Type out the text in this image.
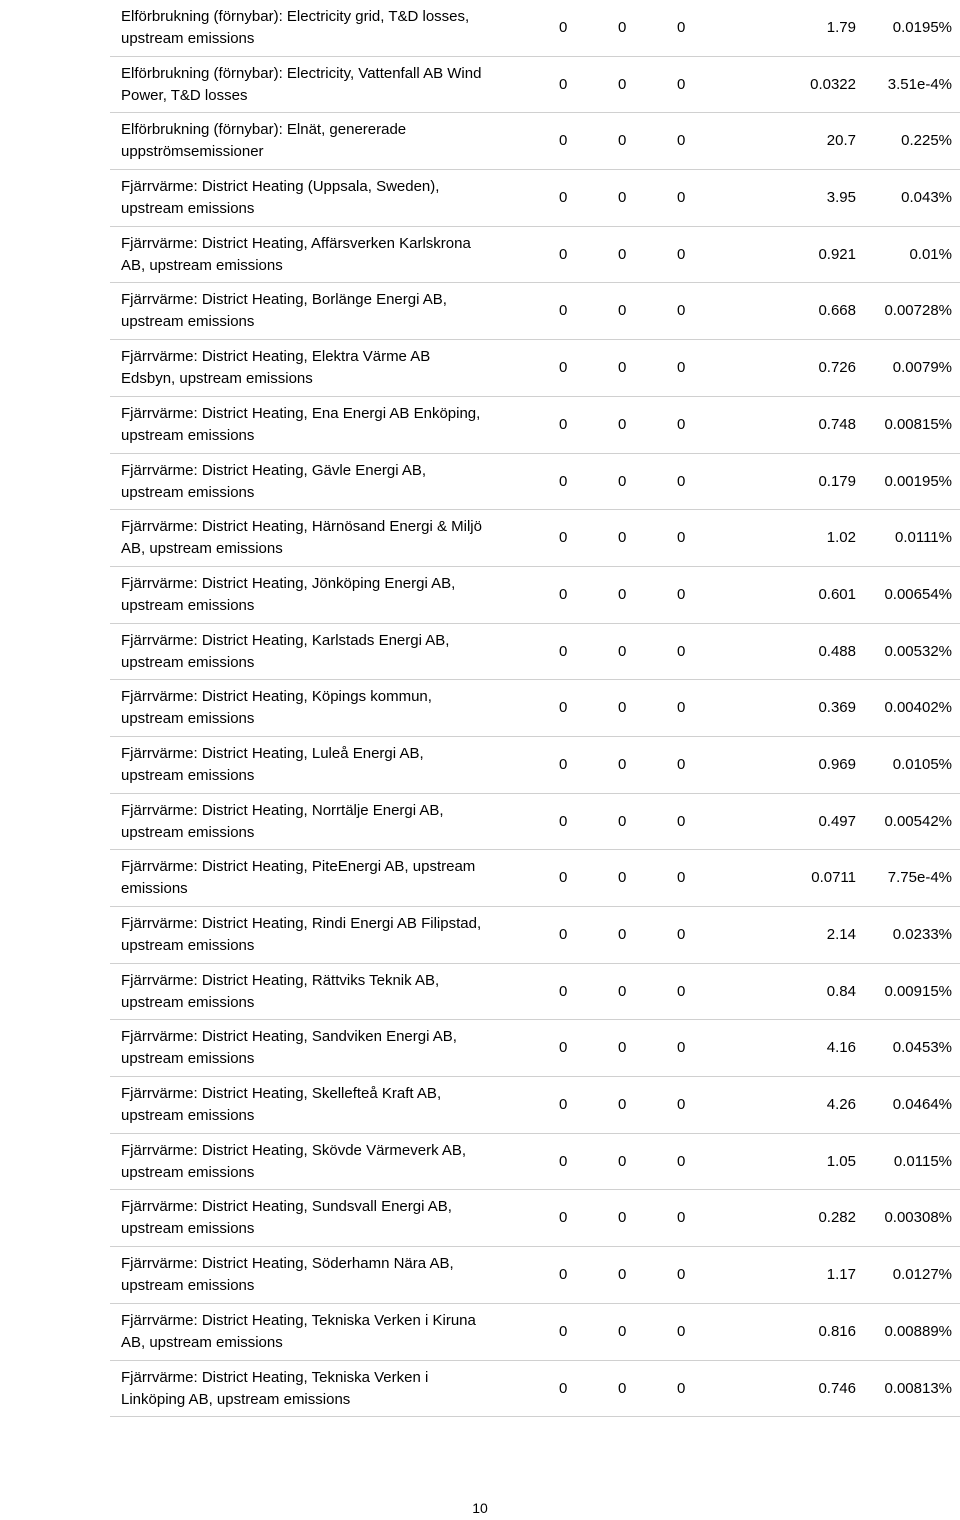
Elförbrukning (förnybar): Electricity grid, T&D losses, upstream emissions
0	0	0	1.79 0.0195%
Elförbrukning (förnybar): Electricity, Vattenfall AB Wind Power, T&D losses
0	0	0	0.0322 3.51e-4%
Elförbrukning (förnybar): Elnät, genererade uppströmsemissioner
0	0	0	20.7	0.225%
Fjärrvärme: District Heating (Uppsala, Sweden), upstream emissions
0	0	0	3.95	0.043%
Fjärrvärme: District Heating, Affärsverken Karlskrona AB, upstream emissions
0	0	0	0.921	0.01%
Fjärrvärme: District Heating, Borlänge Energi AB, upstream emissions
0	0	0	0.668 0.00728%
Fjärrvärme: District Heating, Elektra Värme AB Edsbyn, upstream emissions
0	0	0	0.726 0.0079%
Fjärrvärme: District Heating, Ena Energi AB Enköping, upstream emissions
0	0	0	0.748 0.00815%
Fjärrvärme: District Heating, Gävle Energi AB, upstream emissions
0	0	0	0.179 0.00195%
Fjärrvärme: District Heating, Härnösand Energi & Miljö AB, upstream emissions
0	0	0	1.02	0.0111%
Fjärrvärme: District Heating, Jönköping Energi AB, upstream emissions
0	0	0	0.601 0.00654%
Fjärrvärme: District Heating, Karlstads Energi AB, upstream emissions
0	0	0	0.488 0.00532%
Fjärrvärme: District Heating, Köpings kommun, upstream emissions
0	0	0	0.369 0.00402%
Fjärrvärme: District Heating, Luleå Energi AB, upstream emissions
0	0	0	0.969 0.0105%
Fjärrvärme: District Heating, Norrtälje Energi AB, upstream emissions
0	0	0	0.497 0.00542%
Fjärrvärme: District Heating, PiteEnergi AB, upstream emissions
0	0	0	0.0711 7.75e-4%
Fjärrvärme: District Heating, Rindi Energi AB Filipstad, upstream emissions
0	0	0	2.14 0.0233%
Fjärrvärme: District Heating, Rättviks Teknik AB, upstream emissions
0	0	0	0.84 0.00915%
Fjärrvärme: District Heating, Sandviken Energi AB, upstream emissions
0	0	0	4.16 0.0453%
Fjärrvärme: District Heating, Skellefteå Kraft AB, upstream emissions
0	0	0	4.26 0.0464%
Fjärrvärme: District Heating, Skövde Värmeverk AB, upstream emissions
0	0	0	1.05	0.0115%
Fjärrvärme: District Heating, Sundsvall Energi AB, upstream emissions
0	0	0	0.282 0.00308%
Fjärrvärme: District Heating, Söderhamn Nära AB, upstream emissions
0	0	0	1.17 0.0127%
Fjärrvärme: District Heating, Tekniska Verken i Kiruna AB, upstream emissions
0	0	0	0.816 0.00889%
Fjärrvärme: District Heating, Tekniska Verken i Linköping AB, upstream emissions
0	0	0	0.746 0.00813%
10
